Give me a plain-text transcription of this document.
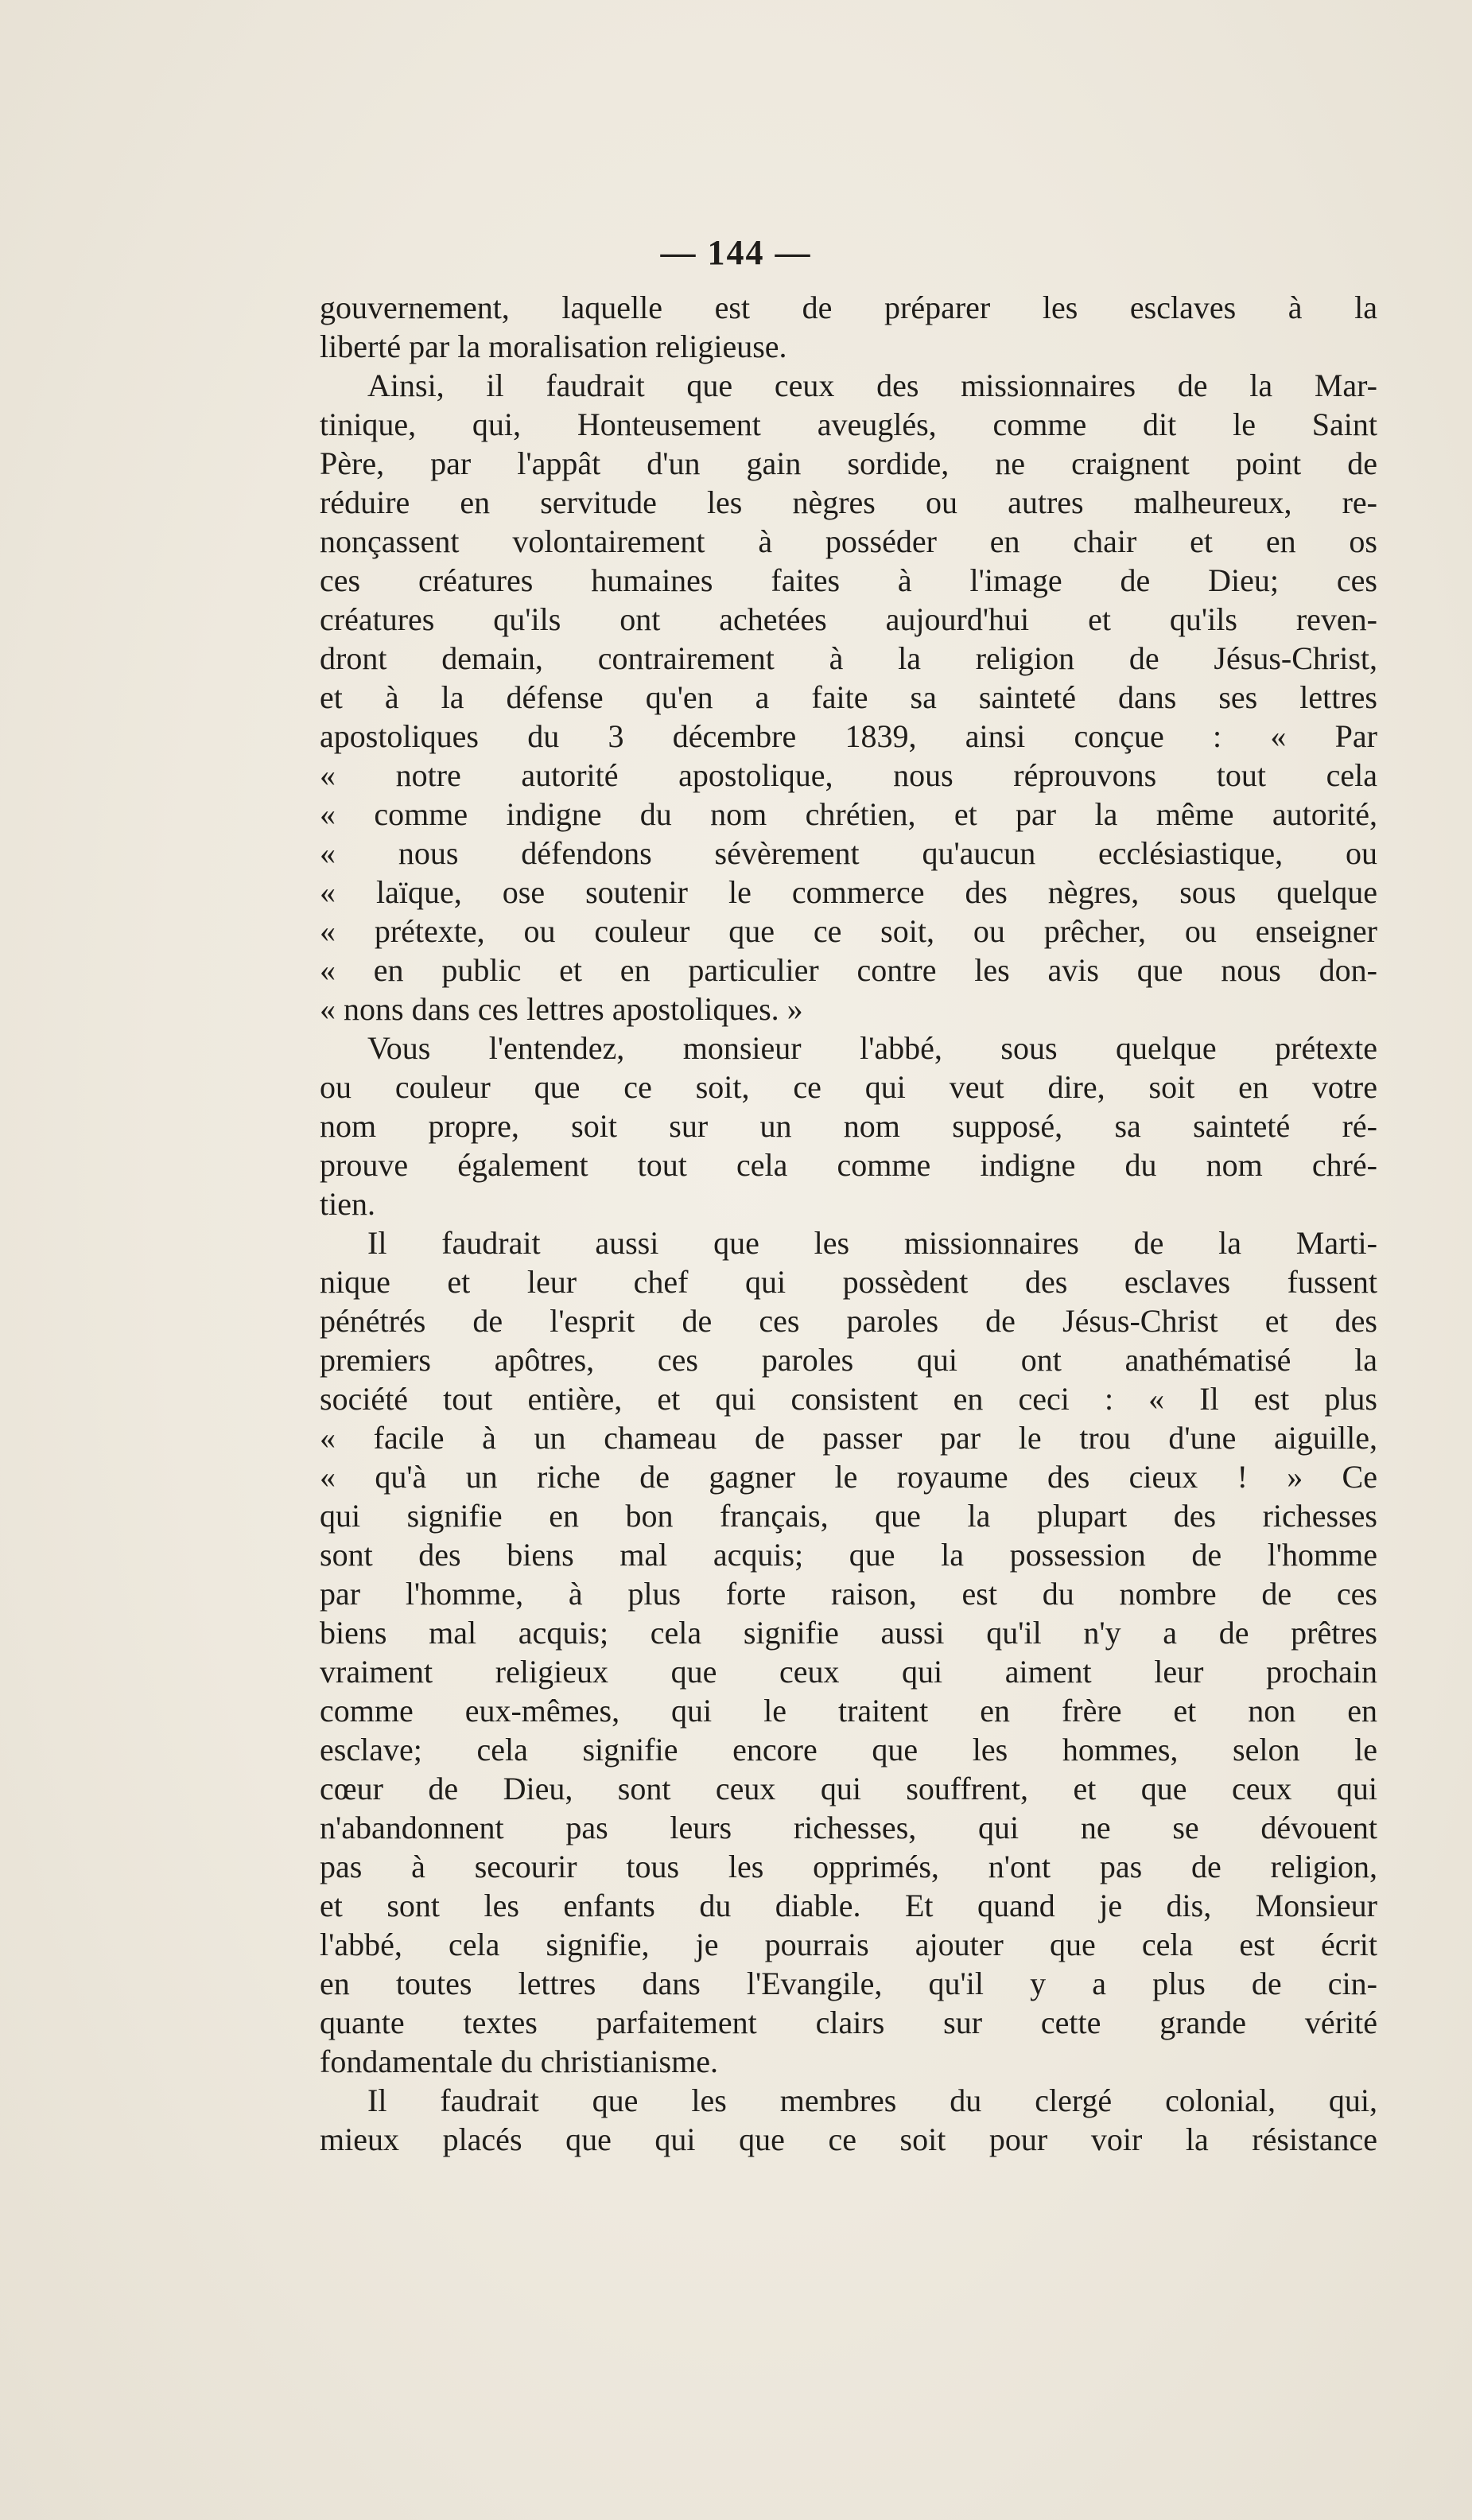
— 144 —
gouvernement, laquelle est de préparer les esclaves à la
liberté par la moralisation religieuse.
Ainsi, il faudrait que ceux des missionnaires de la Mar-
tinique, qui, Honteusement aveuglés, comme dit le Saint
Père, par l'appât d'un gain sordide, ne craignent point de
réduire en servitude les nègres ou autres malheureux, re-
nonçassent volontairement à posséder en chair et en os
ces créatures humaines faites à l'image de Dieu; ces
créatures qu'ils ont achetées aujourd'hui et qu'ils reven-
dront demain, contrairement à la religion de Jésus-Christ,
et à la défense qu'en a faite sa sainteté dans ses lettres
apostoliques du 3 décembre 1839, ainsi conçue : « Par
« notre autorité apostolique, nous réprouvons tout cela
« comme indigne du nom chrétien, et par la même autorité,
« nous défendons sévèrement qu'aucun ecclésiastique, ou
« laïque, ose soutenir le commerce des nègres, sous quelque
« prétexte, ou couleur que ce soit, ou prêcher, ou enseigner
« en public et en particulier contre les avis que nous don-
« nons dans ces lettres apostoliques. »
Vous l'entendez, monsieur l'abbé, sous quelque prétexte
ou couleur que ce soit, ce qui veut dire, soit en votre
nom propre, soit sur un nom supposé, sa sainteté ré-
prouve également tout cela comme indigne du nom chré-
tien.
Il faudrait aussi que les missionnaires de la Marti-
nique et leur chef qui possèdent des esclaves fussent
pénétrés de l'esprit de ces paroles de Jésus-Christ et des
premiers apôtres, ces paroles qui ont anathématisé la
société tout entière, et qui consistent en ceci : « Il est plus
« facile à un chameau de passer par le trou d'une aiguille,
« qu'à un riche de gagner le royaume des cieux ! » Ce
qui signifie en bon français, que la plupart des richesses
sont des biens mal acquis; que la possession de l'homme
par l'homme, à plus forte raison, est du nombre de ces
biens mal acquis; cela signifie aussi qu'il n'y a de prêtres
vraiment religieux que ceux qui aiment leur prochain
comme eux-mêmes, qui le traitent en frère et non en
esclave; cela signifie encore que les hommes, selon le
cœur de Dieu, sont ceux qui souffrent, et que ceux qui
n'abandonnent pas leurs richesses, qui ne se dévouent
pas à secourir tous les opprimés, n'ont pas de religion,
et sont les enfants du diable. Et quand je dis, Monsieur
l'abbé, cela signifie, je pourrais ajouter que cela est écrit
en toutes lettres dans l'Evangile, qu'il y a plus de cin-
quante textes parfaitement clairs sur cette grande vérité
fondamentale du christianisme.
Il faudrait que les membres du clergé colonial, qui,
mieux placés que qui que ce soit pour voir la résistance
